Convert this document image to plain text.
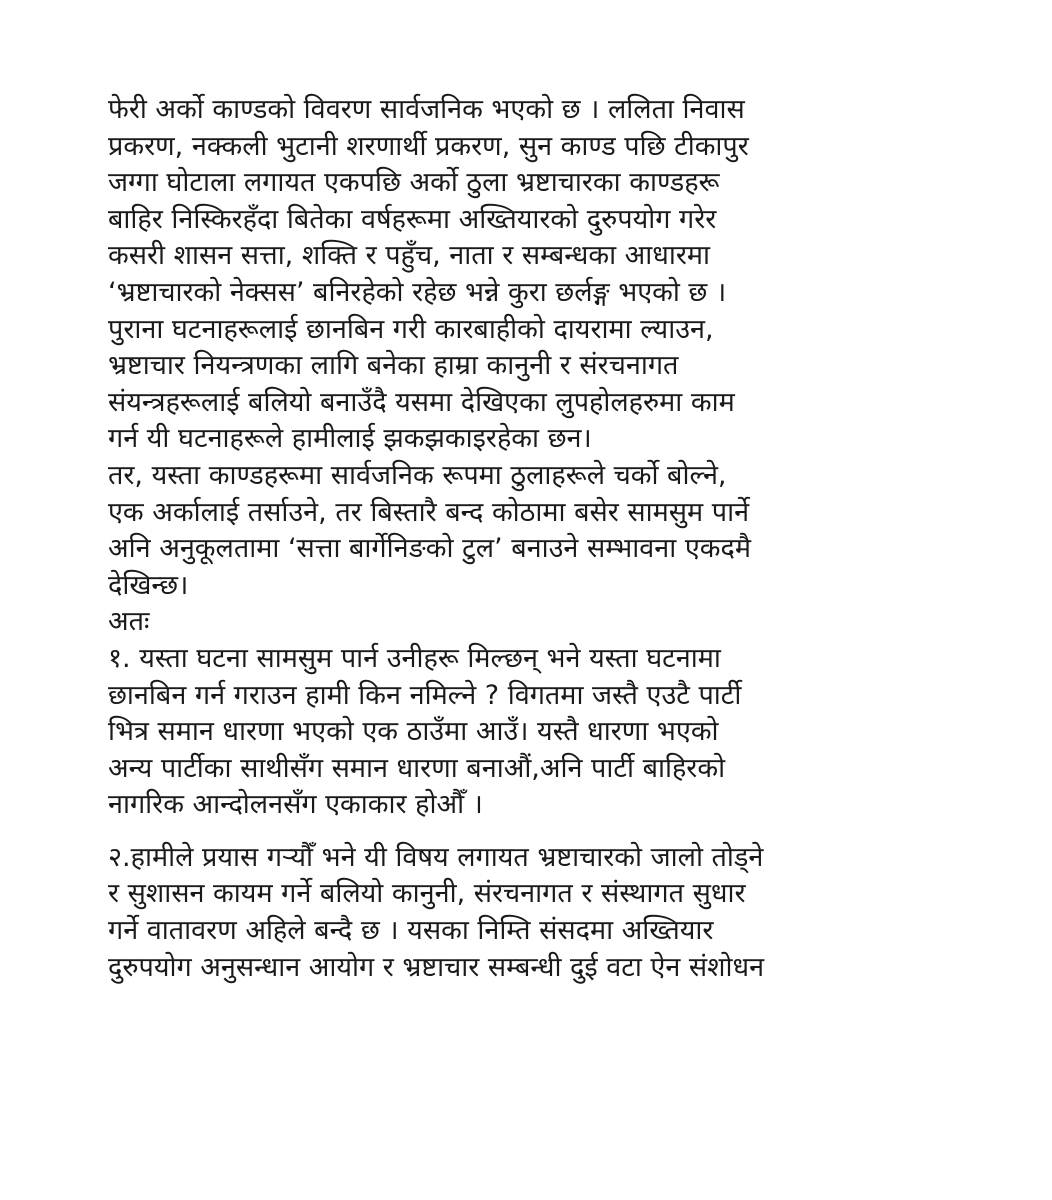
फेरी अर्को काण्डको विवरण सार्वजनिक भएको छ । ललिता निवास
प्रकरण, नक्कली भुटानी शरणार्थी प्रकरण, सुन काण्ड पछि टीकापुर
जग्गा घोटाला लगायत एकपछि अर्को ठुला भ्रष्टाचारका काण्डहरू
बाहिर निस्किरहँदा बितेका वर्षहरूमा अख्तियारको दुरुपयोग गरेर
कसरी शासन सत्ता, शक्ति र पहुँच, नाता र सम्बन्धका आधारमा
‘भ्रष्टाचारको नेक्सस’ बनिरहेको रहेछ भन्ने कुरा छर्लङ्ग भएको छ ।
पुराना घटनाहरूलाई छानबिन गरी कारबाहीको दायरामा ल्याउन,
भ्रष्टाचार नियन्त्रणका लागि बनेका हाम्रा कानुनी र संरचनागत
संयन्त्रहरूलाई बलियो बनाउँदै यसमा देखिएका लुपहोलहरुमा काम
गर्न यी घटनाहरूले हामीलाई झकझकाइरहेका छन।
तर, यस्ता काण्डहरूमा सार्वजनिक रूपमा ठुलाहरूले चर्को बोल्ने,
एक अर्कालाई तर्साउने, तर बिस्तारै बन्द कोठामा बसेर सामसुम पार्ने
अनि अनुकूलतामा ‘सत्ता बार्गेनिङको टुल’ बनाउने सम्भावना एकदमै
देखिन्छ।
अतः
१. यस्ता घटना सामसुम पार्न उनीहरू मिल्छन् भने यस्ता घटनामा
छानबिन गर्न गराउन हामी किन नमिल्ने ? विगतमा जस्तै एउटै पार्टी
भित्र समान धारणा भएको एक ठाउँमा आउँ। यस्तै धारणा भएको
अन्य पार्टीका साथीसँग समान धारणा बनाऔं,अनि पार्टी बाहिरको
नागरिक आन्दोलनसँग एकाकार होऔँ ।
२.हामीले प्रयास गर्‍यौँ भने यी विषय लगायत भ्रष्टाचारको जालो तोड्ने
र सुशासन कायम गर्ने बलियो कानुनी, संरचनागत र संस्थागत सुधार
गर्ने वातावरण अहिले बन्दै छ । यसका निम्ति संसदमा अख्तियार
दुरुपयोग अनुसन्धान आयोग र भ्रष्टाचार सम्बन्धी दुई वटा ऐन संशोधन
